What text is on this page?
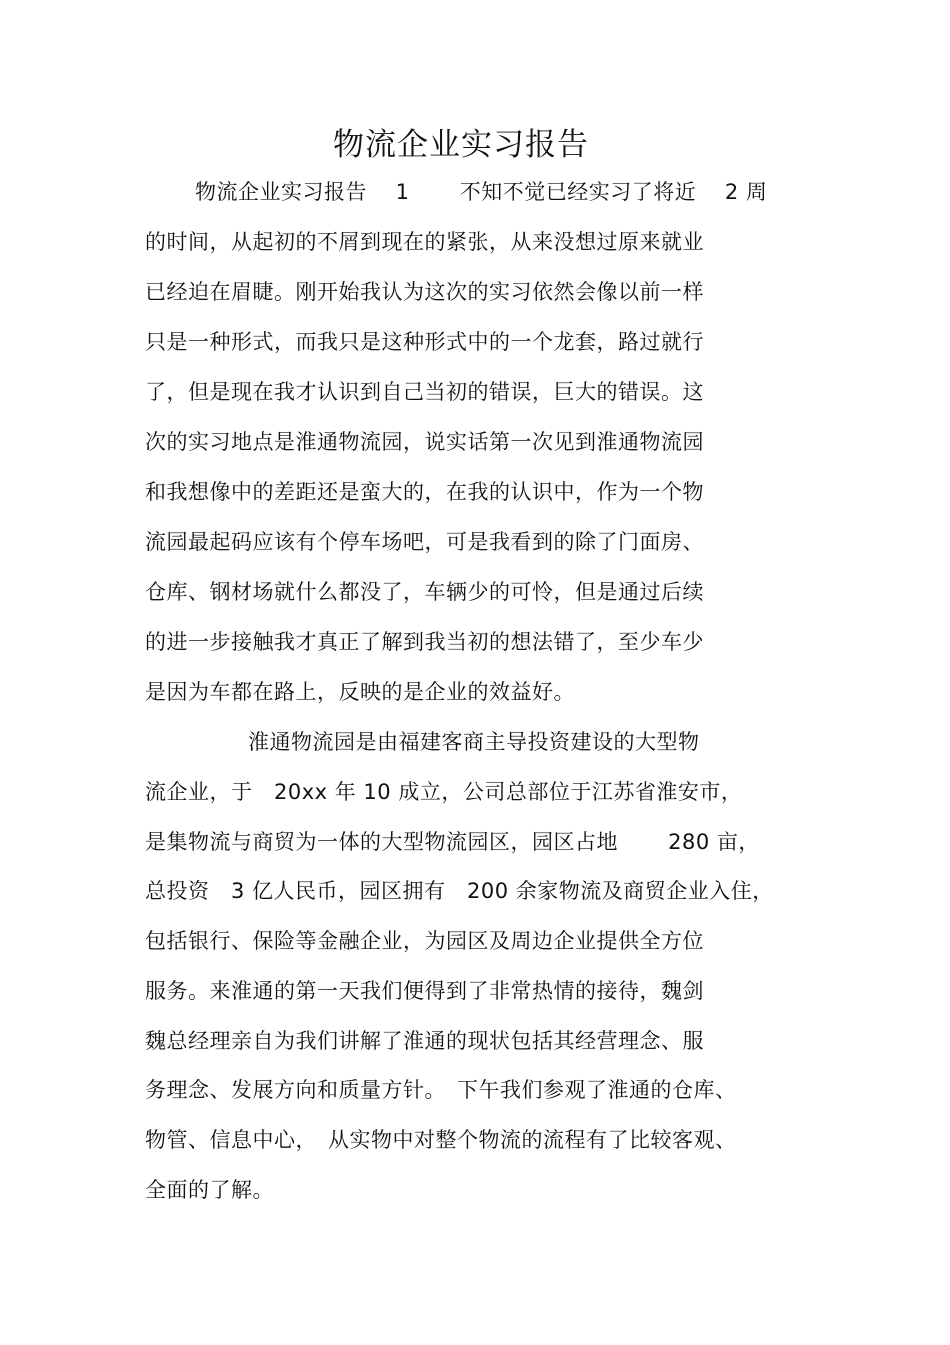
物流企业实习报告
物流企业实习报告　 1　　 不知不觉已经实习了将近　 2 周
的时间，从起初的不屑到现在的紧张，从来没想过原来就业
已经迫在眉睫。刚开始我认为这次的实习依然会像以前一样
只是一种形式，而我只是这种形式中的一个龙套，路过就行
了，但是现在我才认识到自己当初的错误，巨大的错误。这
次的实习地点是淮通物流园，说实话第一次见到淮通物流园
和我想像中的差距还是蛮大的，在我的认识中，作为一个物
流园最起码应该有个停车场吧，可是我看到的除了门面房、
仓库、钢材场就什么都没了，车辆少的可怜，但是通过后续
的进一步接触我才真正了解到我当初的想法错了，至少车少
是因为车都在路上，反映的是企业的效益好。
淮通物流园是由福建客商主导投资建设的大型物
流企业，于　20xx 年 10 成立，公司总部位于江苏省淮安市，
是集物流与商贸为一体的大型物流园区，园区占地　　 280 亩，
总投资　3 亿人民币，园区拥有　200 余家物流及商贸企业入住，
包括银行、保险等金融企业，为园区及周边企业提供全方位
服务。来淮通的第一天我们便得到了非常热情的接待，魏剑
魏总经理亲自为我们讲解了淮通的现状包括其经营理念、服
务理念、发展方向和质量方针。　下午我们参观了淮通的仓库、
物管、信息中心，　从实物中对整个物流的流程有了比较客观、
全面的了解。
